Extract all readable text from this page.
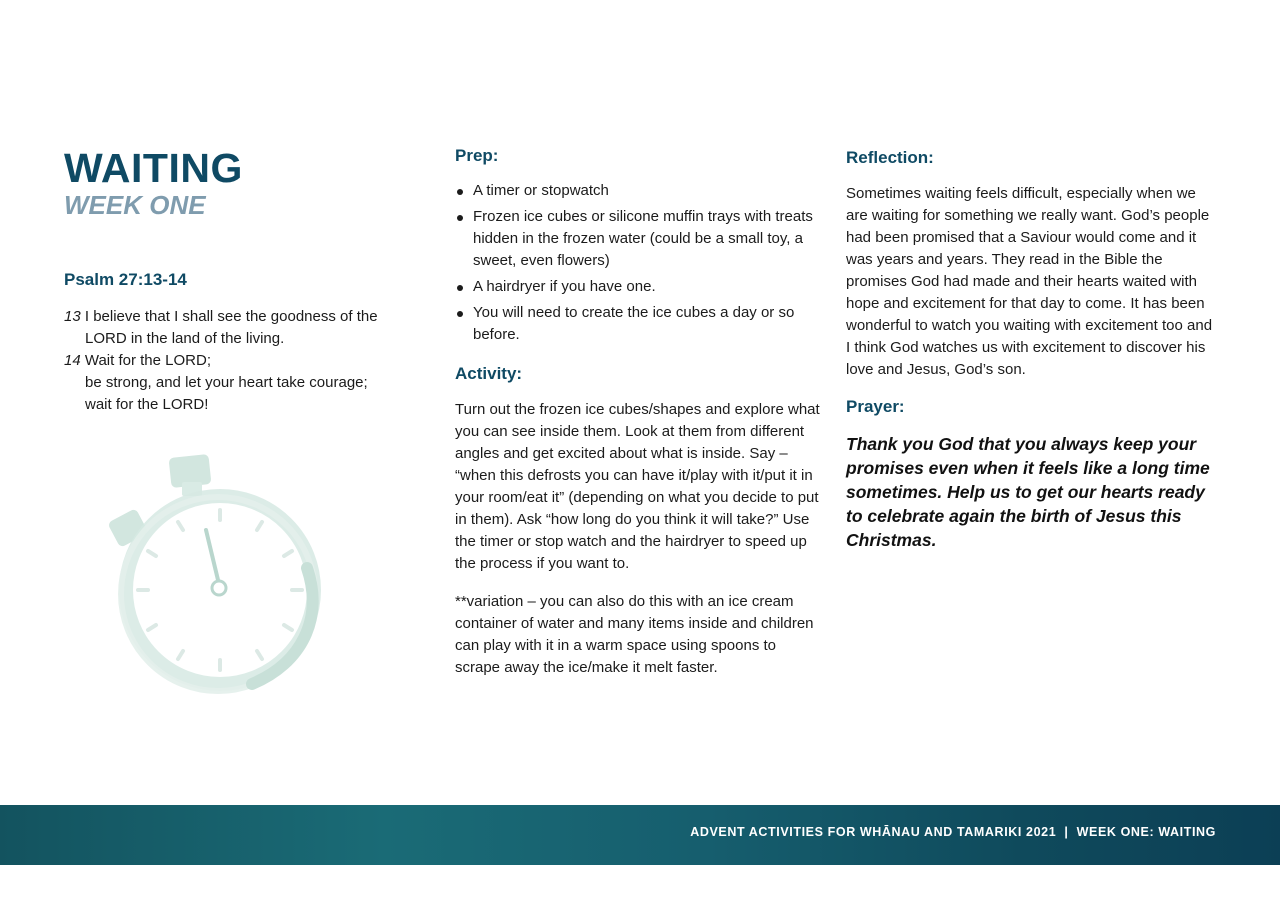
WAITING
WEEK ONE
Psalm 27:13-14

13 I believe that I shall see the goodness of the

LORD in the land of the living.

14 Wait for the LORD;

be strong, and let your heart take courage;

wait for the LORD!

Prep:
A timer or stopwatch
Frozen ice cubes or silicone muffin trays with treats hidden in the frozen water (could be a small toy, a sweet, even flowers)
A hairdryer if you have one.
You will need to create the ice cubes a day or so before.
Activity:

Turn out the frozen ice cubes/shapes and explore what you can see inside them. Look at them from different angles and get excited about what is inside. Say – “when this defrosts you can have it/play with it/put it in your room/eat it” (depending on what you decide to put in them). Ask “how long do you think it will take?” Use the timer or stop watch and the hairdryer to speed up the process if you want to.

**variation – you can also do this with an ice cream container of water and many items inside and children can play with it in a warm space using spoons to scrape away the ice/make it melt faster.

Reflection:

Sometimes waiting feels difficult, especially when we are waiting for something we really want. God’s people had been promised that a Saviour would come and it was years and years. They read in the Bible the promises God had made and their hearts waited with hope and excitement for that day to come. It has been wonderful to watch you waiting with excitement too and I think God watches us with excitement to discover his love and Jesus, God’s son.

Prayer:

Thank you God that you always keep your promises even when it feels like a long time sometimes. Help us to get our hearts ready to celebrate again the birth of Jesus this Christmas.

ADVENT ACTIVITIES FOR WHĀNAU AND TAMARIKI 2021  |  WEEK ONE: WAITING
